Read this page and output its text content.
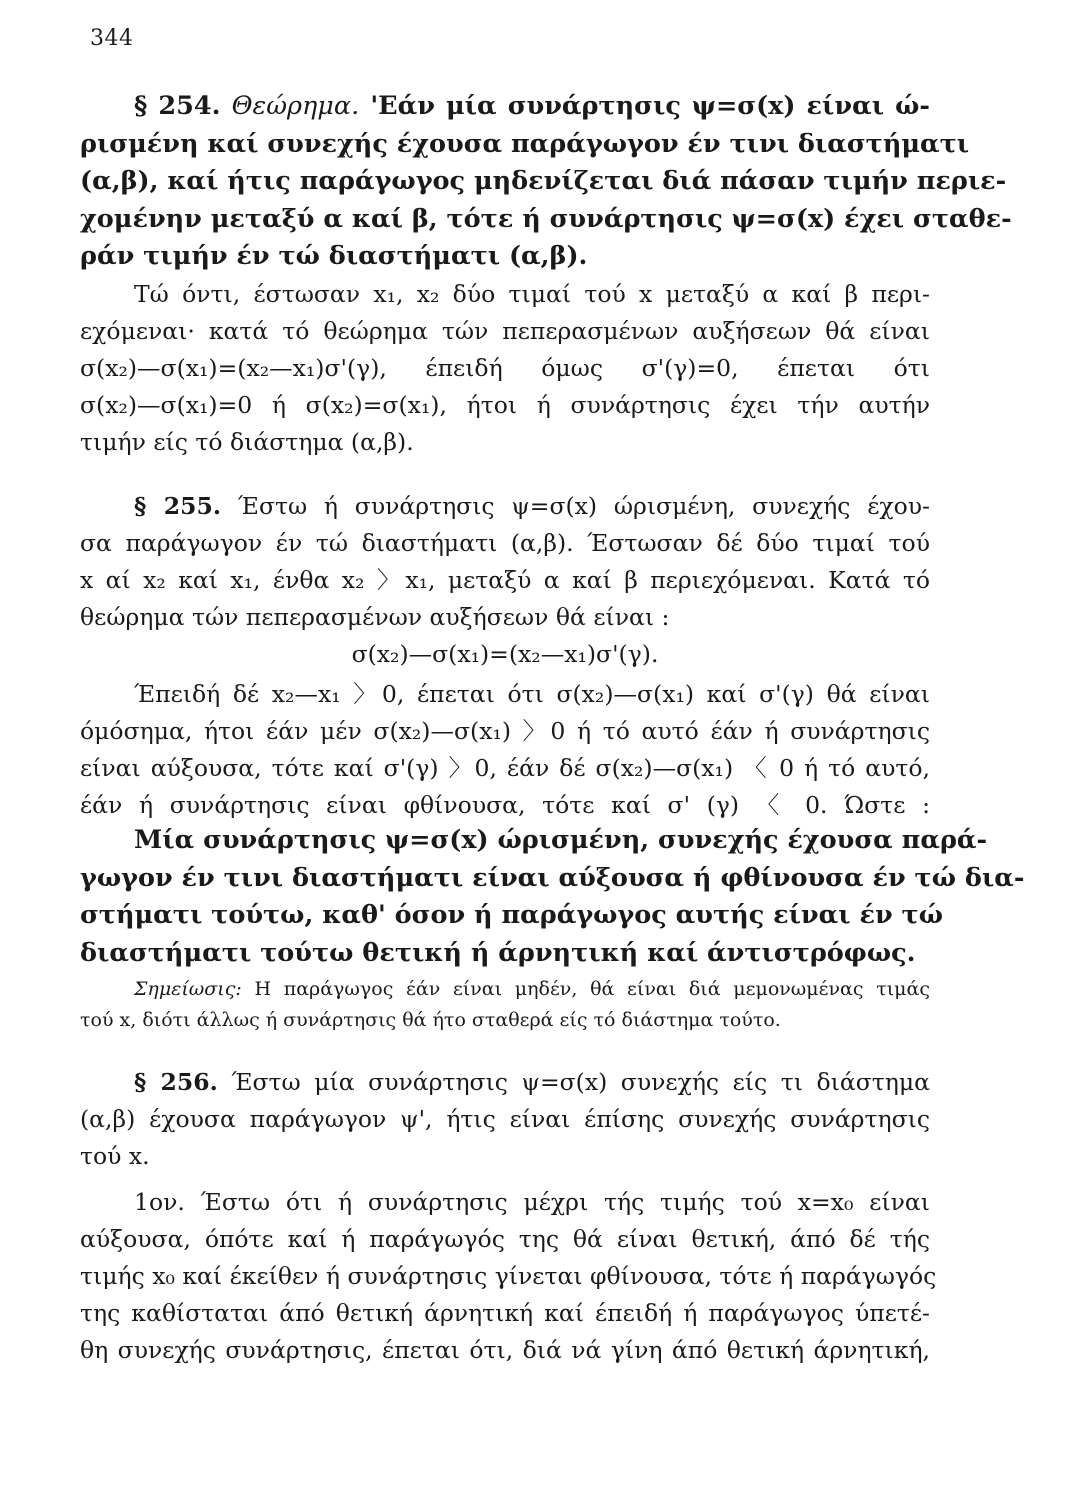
344
§ 254. Θεώρημα. 'Εάν μία συνάρτησις ψ=σ(x) είναι ώ-
ρισμένη καί συνεχής έχουσα παράγωγον έν τινι διαστήματι
(α,β), καί ήτις παράγωγος μηδενίζεται διά πάσαν τιμήν περιε-
χομένην μεταξύ α καί β, τότε ή συνάρτησις ψ=σ(x) έχει σταθε-
ράν τιμήν έν τώ διαστήματι (α,β).
Τώ όντι, έστωσαν x₁, x₂ δύο τιμαί τού x μεταξύ α καί β περι-
εχόμεναι· κατά τό θεώρημα τών πεπερασμένων αυξήσεων θά είναι
σ(x₂)—σ(x₁)=(x₂—x₁)σ'(γ), έπειδή όμως σ'(γ)=0, έπεται ότι
σ(x₂)—σ(x₁)=0 ή σ(x₂)=σ(x₁), ήτοι ή συνάρτησις έχει τήν αυτήν
τιμήν είς τό διάστημα (α,β).
§ 255. Έστω ή συνάρτησις ψ=σ(x) ώρισμένη, συνεχής έχου-
σα παράγωγον έν τώ διαστήματι (α,β). Έστωσαν δέ δύο τιμαί τού
x αί x₂ καί x₁, ένθα x₂ 〉x₁, μεταξύ α καί β περιεχόμεναι. Κατά τό
θεώρημα τών πεπερασμένων αυξήσεων θά είναι :
σ(x₂)—σ(x₁)=(x₂—x₁)σ'(γ).
Έπειδή δέ x₂—x₁ 〉0, έπεται ότι σ(x₂)—σ(x₁) καί σ'(γ) θά είναι
όμόσημα, ήτοι έάν μέν σ(x₂)—σ(x₁) 〉0 ή τό αυτό έάν ή συνάρτησις
είναι αύξουσα, τότε καί σ'(γ) 〉0, έάν δέ σ(x₂)—σ(x₁) 〈 0 ή τό αυτό,
έάν ή συνάρτησις είναι φθίνουσα, τότε καί σ' (γ) 〈 0. Ώστε :
Μία συνάρτησις ψ=σ(x) ώρισμένη, συνεχής έχουσα παρά-
γωγον έν τινι διαστήματι είναι αύξουσα ή φθίνουσα έν τώ δια-
στήματι τούτω, καθ' όσον ή παράγωγος αυτής είναι έν τώ
διαστήματι τούτω θετική ή άρνητική καί άντιστρόφως.
Σημείωσις: Η παράγωγος έάν είναι μηδέν, θά είναι διά μεμονωμένας τιμάς
τού x, διότι άλλως ή συνάρτησις θά ήτο σταθερά είς τό διάστημα τούτο.
§ 256. Έστω μία συνάρτησις ψ=σ(x) συνεχής είς τι διάστημα
(α,β) έχουσα παράγωγον ψ', ήτις είναι έπίσης συνεχής συνάρτησις
τού x.
1ον. Έστω ότι ή συνάρτησις μέχρι τής τιμής τού x=x₀ είναι
αύξουσα, όπότε καί ή παράγωγός της θά είναι θετική, άπό δέ τής
τιμής x₀ καί έκείθεν ή συνάρτησις γίνεται φθίνουσα, τότε ή παράγωγός
της καθίσταται άπό θετική άρνητική καί έπειδή ή παράγωγος ύπετέ-
θη συνεχής συνάρτησις, έπεται ότι, διά νά γίνη άπό θετική άρνητική,
